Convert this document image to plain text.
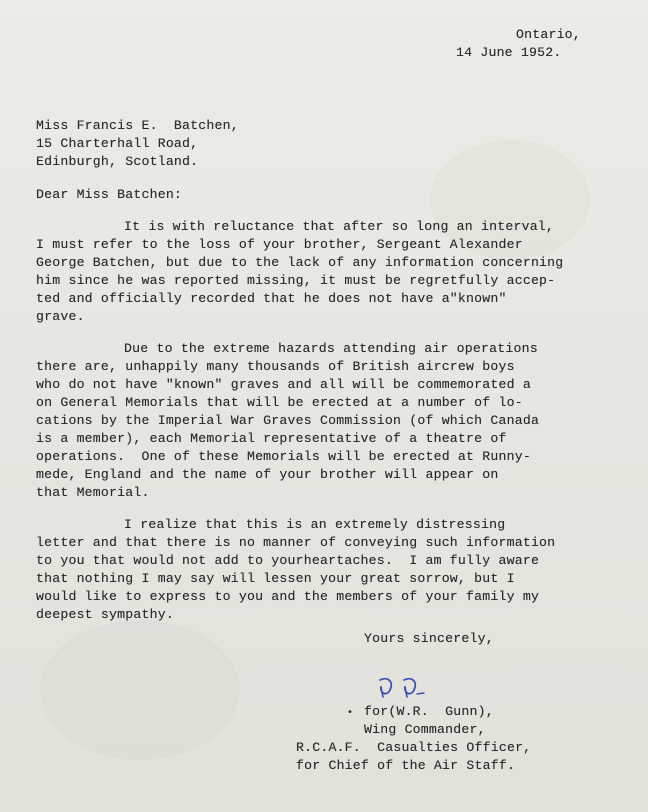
Ontario,
14 June 1952.
Miss Francis E.  Batchen,
15 Charterhall Road,
Edinburgh, Scotland.
Dear Miss Batchen:
It is with reluctance that after so long an interval,
I must refer to the loss of your brother, Sergeant Alexander
George Batchen, but due to the lack of any information concerning
him since he was reported missing, it must be regretfully accep-
ted and officially recorded that he does not have a"known"
grave.
Due to the extreme hazards attending air operations
there are, unhappily many thousands of British aircrew boys
who do not have "known" graves and all will be commemorated a
on General Memorials that will be erected at a number of lo-
cations by the Imperial War Graves Commission (of which Canada
is a member), each Memorial representative of a theatre of
operations.  One of these Memorials will be erected at Runny-
mede, England and the name of your brother will appear on
that Memorial.
I realize that this is an extremely distressing
letter and that there is no manner of conveying such information
to you that would not add to yourheartaches.  I am fully aware
that nothing I may say will lessen your great sorrow, but I
would like to express to you and the members of your family my
deepest sympathy.
Yours sincerely,
• for(W.R.  Gunn),
Wing Commander,
R.C.A.F.  Casualties Officer,
for Chief of the Air Staff.
